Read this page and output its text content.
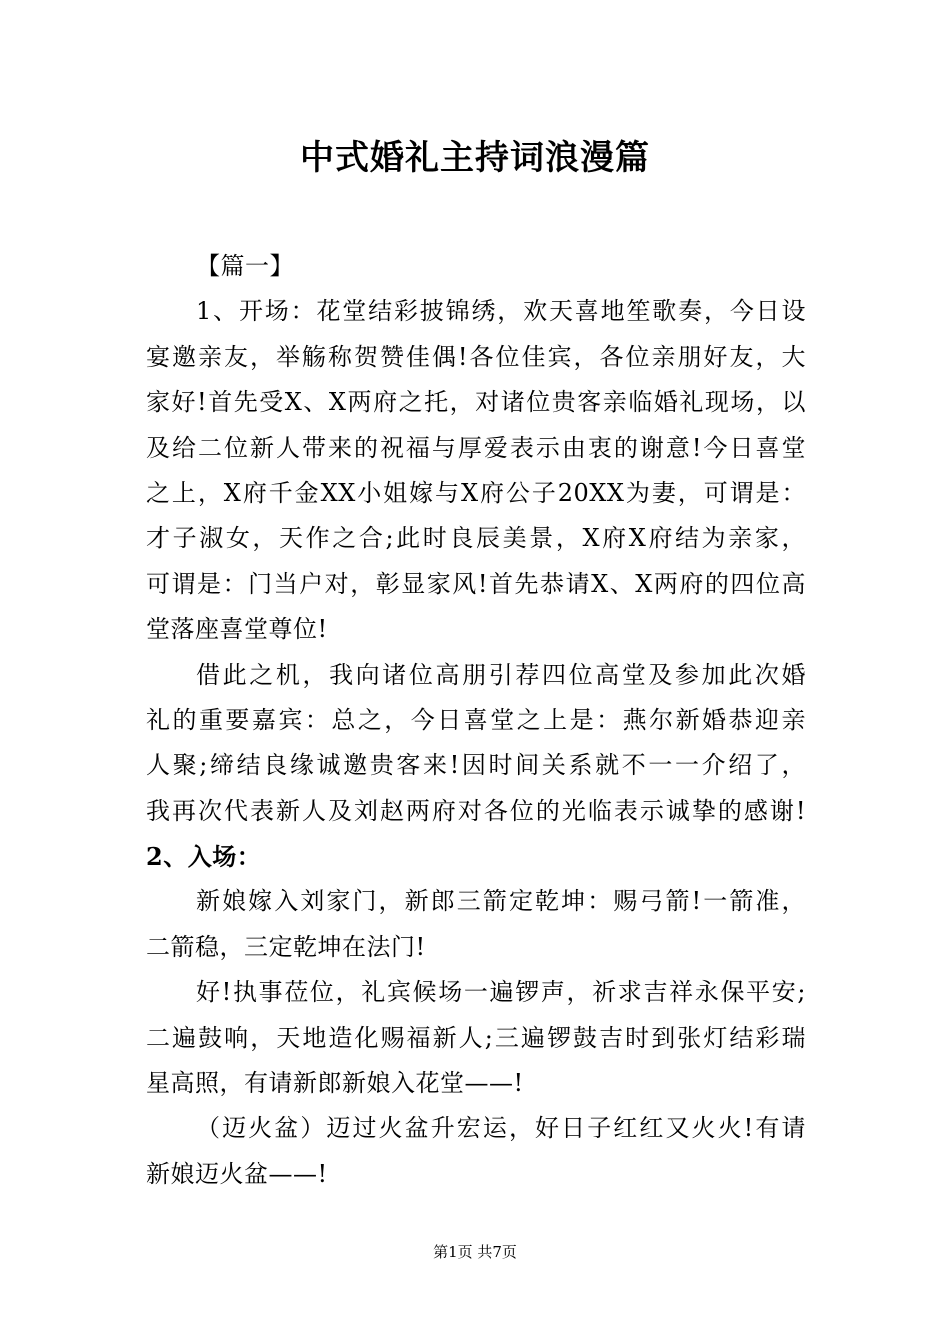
中式婚礼主持词浪漫篇
【篇一】
1、开场：花堂结彩披锦绣，欢天喜地笙歌奏，今日设
宴邀亲友，举觞称贺赞佳偶!各位佳宾，各位亲朋好友，大
家好!首先受X、X两府之托，对诸位贵客亲临婚礼现场，以
及给二位新人带来的祝福与厚爱表示由衷的谢意!今日喜堂
之上，X府千金XX小姐嫁与X府公子20XX为妻，可谓是：
才子淑女，天作之合;此时良辰美景，X府X府结为亲家，
可谓是：门当户对，彰显家风!首先恭请X、X两府的四位高
堂落座喜堂尊位!
借此之机，我向诸位高朋引荐四位高堂及参加此次婚
礼的重要嘉宾：总之，今日喜堂之上是：燕尔新婚恭迎亲
人聚;缔结良缘诚邀贵客来!因时间关系就不一一介绍了，
我再次代表新人及刘赵两府对各位的光临表示诚挚的感谢!
2、入场：
新娘嫁入刘家门，新郎三箭定乾坤：赐弓箭!一箭准，
二箭稳，三定乾坤在法门!
好!执事莅位，礼宾候场一遍锣声，祈求吉祥永保平安;
二遍鼓响，天地造化赐福新人;三遍锣鼓吉时到张灯结彩瑞
星高照，有请新郎新娘入花堂——!
（迈火盆）迈过火盆升宏运，好日子红红又火火!有请
新娘迈火盆——!
第1页 共7页
